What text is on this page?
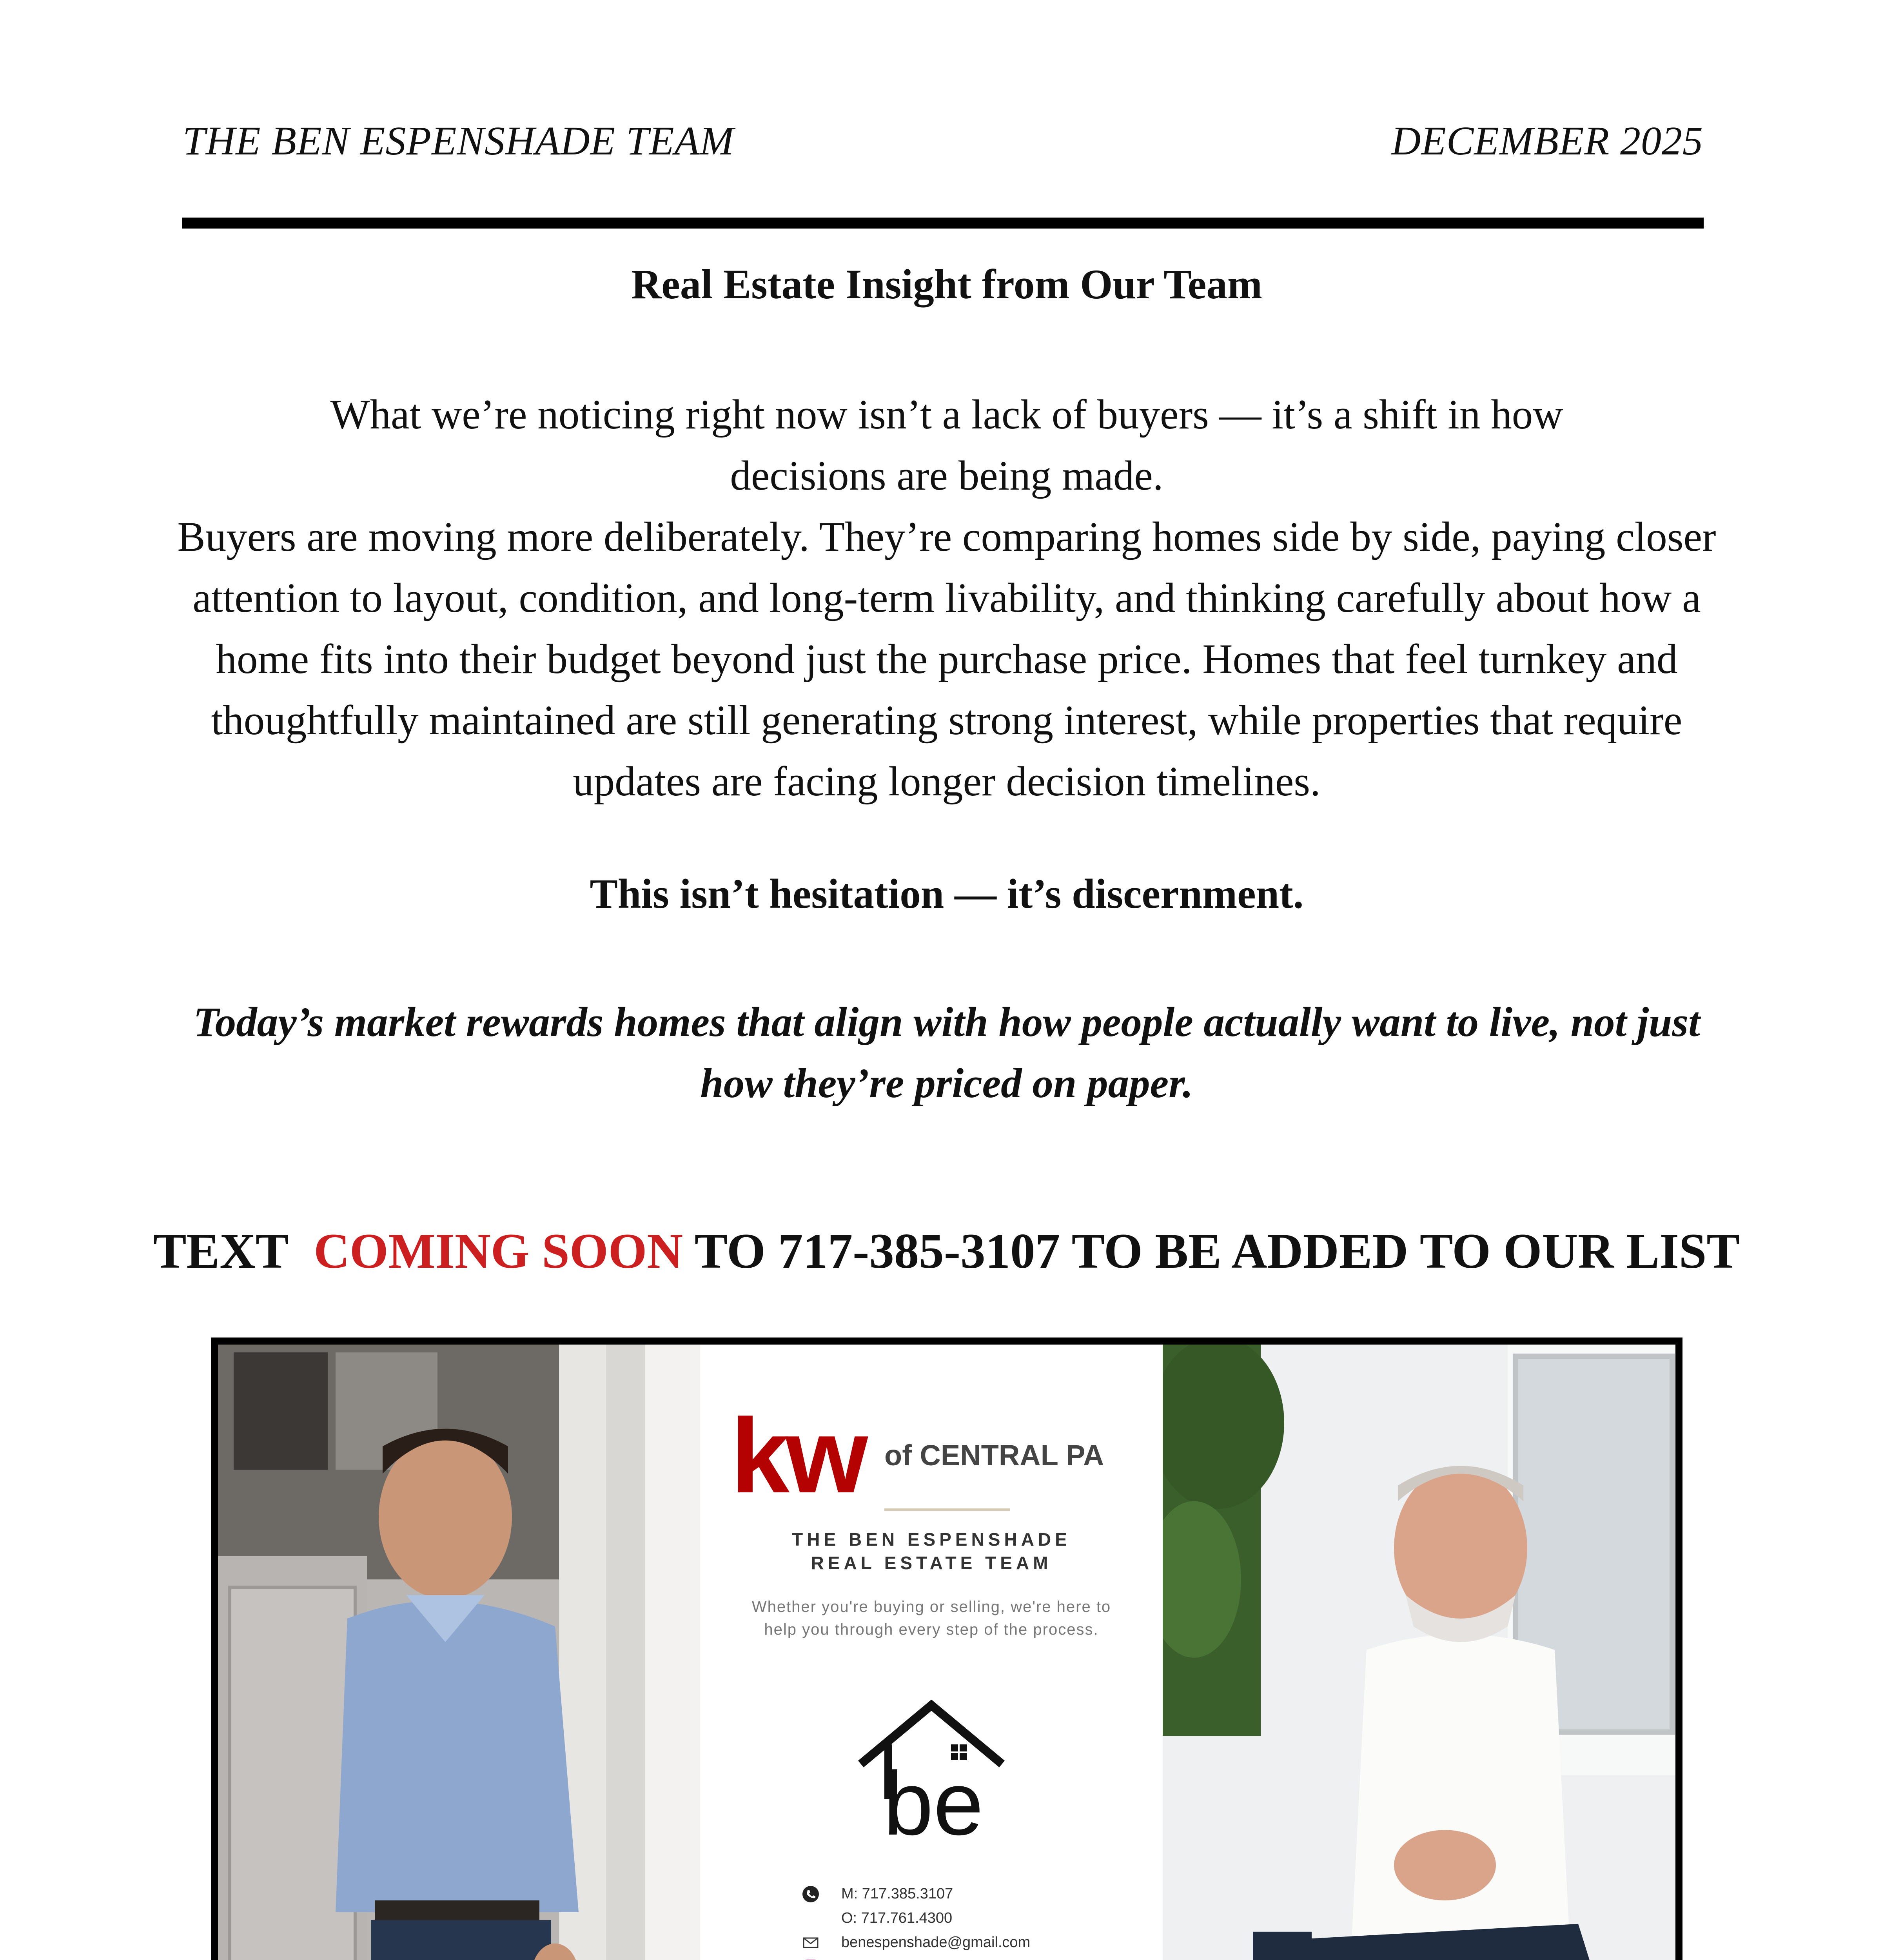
THE BEN ESPENSHADE TEAM	DECEMBER 2025
Real Estate Insight from Our Team
What we’re noticing right now isn’t a lack of buyers — it’s a shift in how decisions are being made.
Buyers are moving more deliberately. They’re comparing homes side by side, paying closer attention to layout, condition, and long-term livability, and thinking carefully about how a home fits into their budget beyond just the purchase price. Homes that feel turnkey and thoughtfully maintained are still generating strong interest, while properties that require updates are facing longer decision timelines.
This isn’t hesitation — it’s discernment.
Today’s market rewards homes that align with how people actually want to live, not just how they’re priced on paper.
TEXT COMING SOON TO 717-385-3107 TO BE ADDED TO OUR LIST
kw of CENTRAL PA
THE BEN ESPENSHADE
REAL ESTATE TEAM
Whether you're buying or selling, we're here to help you through every step of the process.
be
M: 717.385.3107
O: 717.761.4300
benespenshade@gmail.com
